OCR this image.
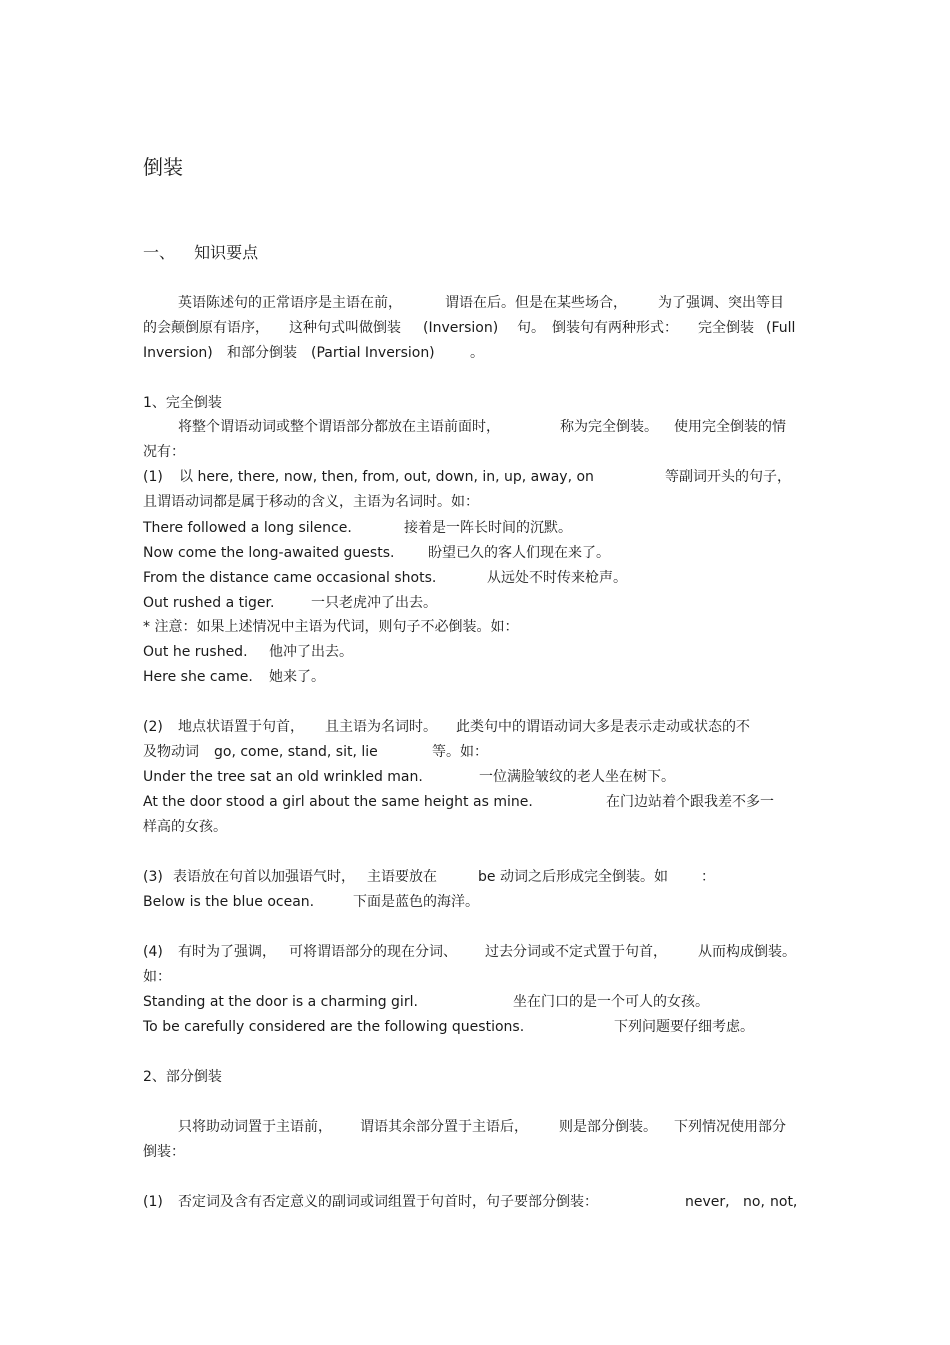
倒装
一、 知识要点
英语陈述句的正常语序是主语在前，	谓语在后。但是在某些场合， 为了强调、突出等目
的会颠倒原有语序， 这种句式叫做倒装 (Inversion) 句。 倒装句有两种形式： 完全倒装 (Full
Inversion) 和部分倒装 (Partial Inversion)	。
1、完全倒装
将整个谓语动词或整个谓语部分都放在主语前面时，	称为完全倒装。 使用完全倒装的情
况有：
(1) 以 here, there, now, then, from, out, down, in, up, away, on	等副词开头的句子，
且谓语动词都是属于移动的含义，主语为名词时。如：
There followed a long silence.	接着是一阵长时间的沉默。
Now come the long-awaited guests. 盼望已久的客人们现在来了。
From the distance came occasional shots.	从远处不时传来枪声。
Out rushed a tiger.	一只老虎冲了出去。
* 注意：如果上述情况中主语为代词，则句子不必倒装。如：
Out he rushed. 他冲了出去。
Here she came. 她来了。
(2) 地点状语置于句首， 且主语为名词时。 此类句中的谓语动词大多是表示走动或状态的不
及物动词 go, come, stand, sit, lie	等。如：
Under the tree sat an old wrinkled man.	一位满脸皱纹的老人坐在树下。
At the door stood a girl about the same height as mine.	在门边站着个跟我差不多一
样高的女孩。
(3) 表语放在句首以加强语气时， 主语要放在	be 动词之后形成完全倒装。如 ：
Below is the blue ocean.	下面是蓝色的海洋。
(4) 有时为了强调， 可将谓语部分的现在分词、 过去分词或不定式置于句首， 从而构成倒装。
如：
Standing at the door is a charming girl.	坐在门口的是一个可人的女孩。
To be carefully considered are the following questions.	下列问题要仔细考虑。
2、部分倒装
只将助动词置于主语前， 谓语其余部分置于主语后， 则是部分倒装。 下列情况使用部分
倒装：
(1) 否定词及含有否定意义的副词或词组置于句首时，句子要部分倒装：	never, no, not,
